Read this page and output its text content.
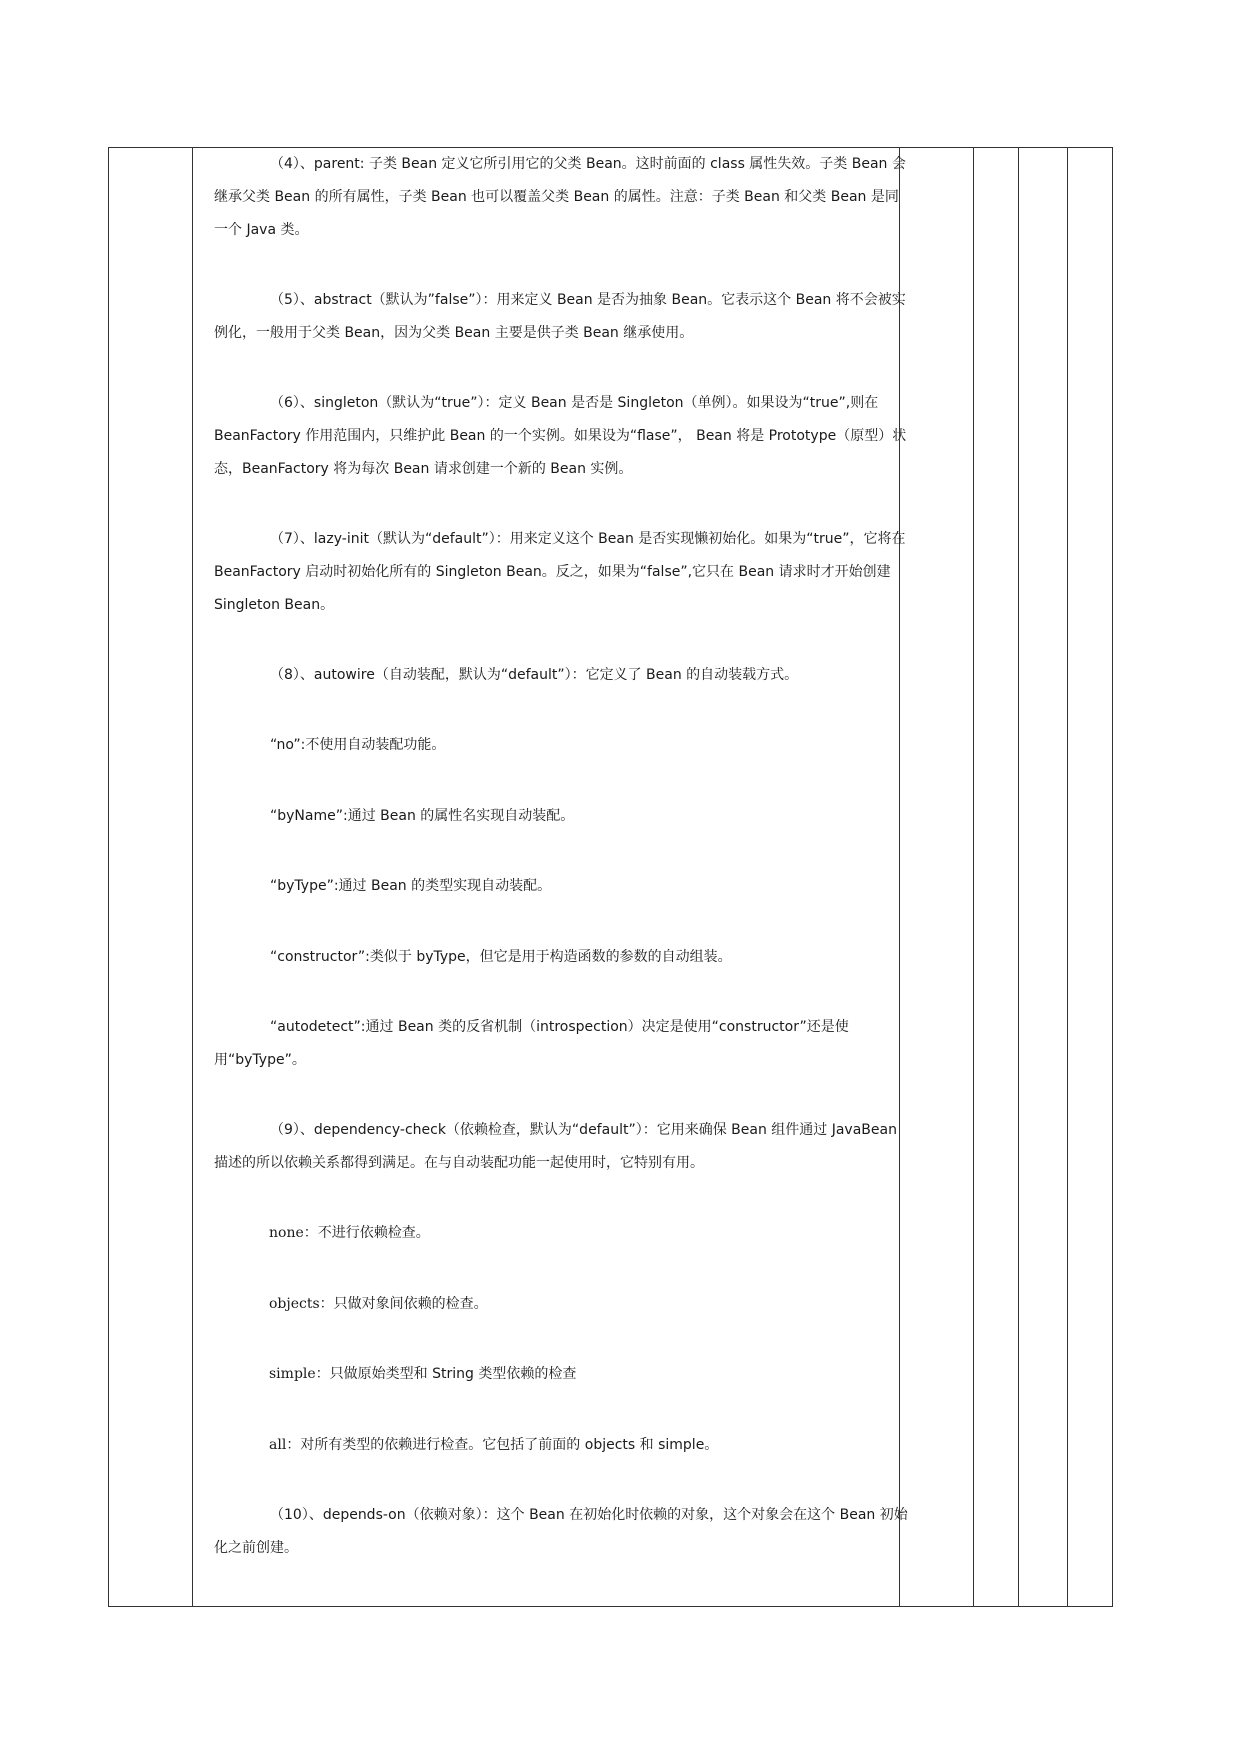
（4）、parent: 子类 Bean 定义它所引用它的父类 Bean。这时前面的 class 属性失效。子类 Bean 会继承父类 Bean 的所有属性，子类 Bean 也可以覆盖父类 Bean 的属性。注意：子类 Bean 和父类 Bean 是同一个 Java 类。
（5）、abstract（默认为”false”）：用来定义 Bean 是否为抽象 Bean。它表示这个 Bean 将不会被实例化，一般用于父类 Bean，因为父类 Bean 主要是供子类 Bean 继承使用。
（6）、singleton（默认为“true”）：定义 Bean 是否是 Singleton（单例）。如果设为“true”,则在 BeanFactory 作用范围内，只维护此 Bean 的一个实例。如果设为“flase”， Bean 将是 Prototype（原型）状态，BeanFactory 将为每次 Bean 请求创建一个新的 Bean 实例。
（7）、lazy-init（默认为“default”）：用来定义这个 Bean 是否实现懒初始化。如果为“true”，它将在 BeanFactory 启动时初始化所有的 Singleton Bean。反之，如果为“false”,它只在 Bean 请求时才开始创建 Singleton Bean。
（8）、autowire（自动装配，默认为“default”）：它定义了 Bean 的自动装载方式。
“no”:不使用自动装配功能。
“byName”:通过 Bean 的属性名实现自动装配。
“byType”:通过 Bean 的类型实现自动装配。
“constructor”:类似于 byType，但它是用于构造函数的参数的自动组装。
“autodetect”:通过 Bean 类的反省机制（introspection）决定是使用“constructor”还是使用“byType”。
（9）、dependency-check（依赖检查，默认为“default”）：它用来确保 Bean 组件通过 JavaBean 描述的所以依赖关系都得到满足。在与自动装配功能一起使用时，它特别有用。
none：不进行依赖检查。
objects：只做对象间依赖的检查。
simple：只做原始类型和 String 类型依赖的检查
all：对所有类型的依赖进行检查。它包括了前面的 objects 和 simple。
（10）、depends-on（依赖对象）：这个 Bean 在初始化时依赖的对象，这个对象会在这个 Bean 初始化之前创建。
